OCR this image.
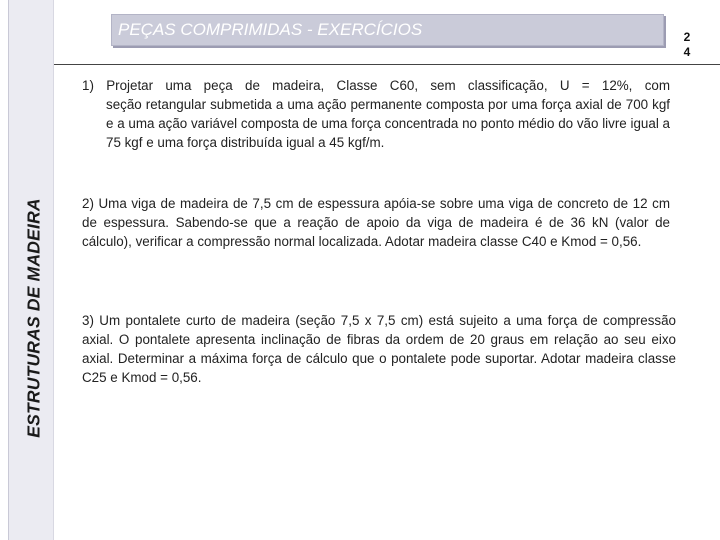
ESTRUTURAS DE MADEIRA
PEÇAS COMPRIMIDAS - EXERCÍCIOS	2
4
1) Projetar uma peça de madeira, Classe C60, sem classificação, U = 12%, com
seção retangular submetida a uma ação permanente composta por uma força axial de 700 kgf e a uma ação variável composta de uma força concentrada no ponto médio do vão livre igual a 75 kgf e uma força distribuída igual a 45 kgf/m.
2) Uma viga de madeira de 7,5 cm de espessura apóia-se sobre uma viga de concreto de 12 cm de espessura. Sabendo-se que a reação de apoio da viga de madeira é de 36 kN (valor de cálculo), verificar a compressão normal localizada. Adotar madeira classe C40 e Kmod = 0,56.
3) Um pontalete curto de madeira (seção 7,5 x 7,5 cm) está sujeito a uma força de compressão axial. O pontalete apresenta inclinação de fibras da ordem de 20 graus em relação ao seu eixo axial. Determinar a máxima força de cálculo que o pontalete pode suportar. Adotar madeira classe C25 e Kmod = 0,56.
